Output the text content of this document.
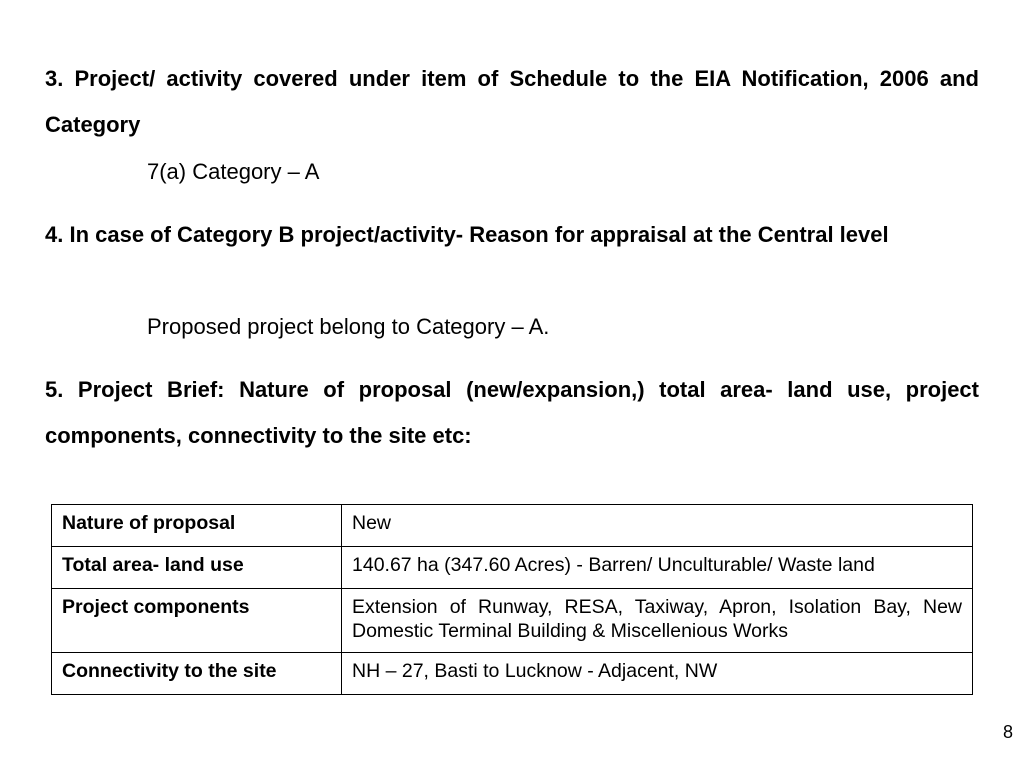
3. Project/ activity covered under item of Schedule to the EIA Notification, 2006 and Category

7(a) Category – A

4. In case of Category B project/activity- Reason for appraisal at the Central level

Proposed project belong to Category – A.

5. Project Brief: Nature of proposal (new/expansion,) total area- land use, project components, connectivity to the site etc:

Nature of proposal	New
Total area- land use	140.67 ha (347.60 Acres) - Barren/ Unculturable/ Waste land
Project components	Extension of Runway, RESA, Taxiway, Apron, Isolation Bay, New Domestic Terminal Building & Miscellenious Works
Connectivity to the site	NH – 27, Basti to Lucknow - Adjacent, NW

8
